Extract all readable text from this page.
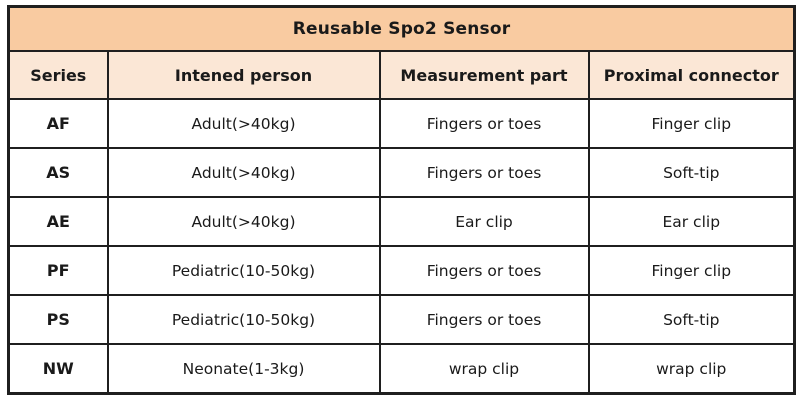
Reusable Spo2 Sensor			
Series	Intened person	Measurement part	Proximal connector
AF	Adult(>40kg)	Fingers or toes	Finger clip
AS	Adult(>40kg)	Fingers or toes	Soft-tip
AE	Adult(>40kg)	Ear clip	Ear clip
PF	Pediatric(10-50kg)	Fingers or toes	Finger clip
PS	Pediatric(10-50kg)	Fingers or toes	Soft-tip
NW	Neonate(1-3kg)	wrap clip	wrap clip
